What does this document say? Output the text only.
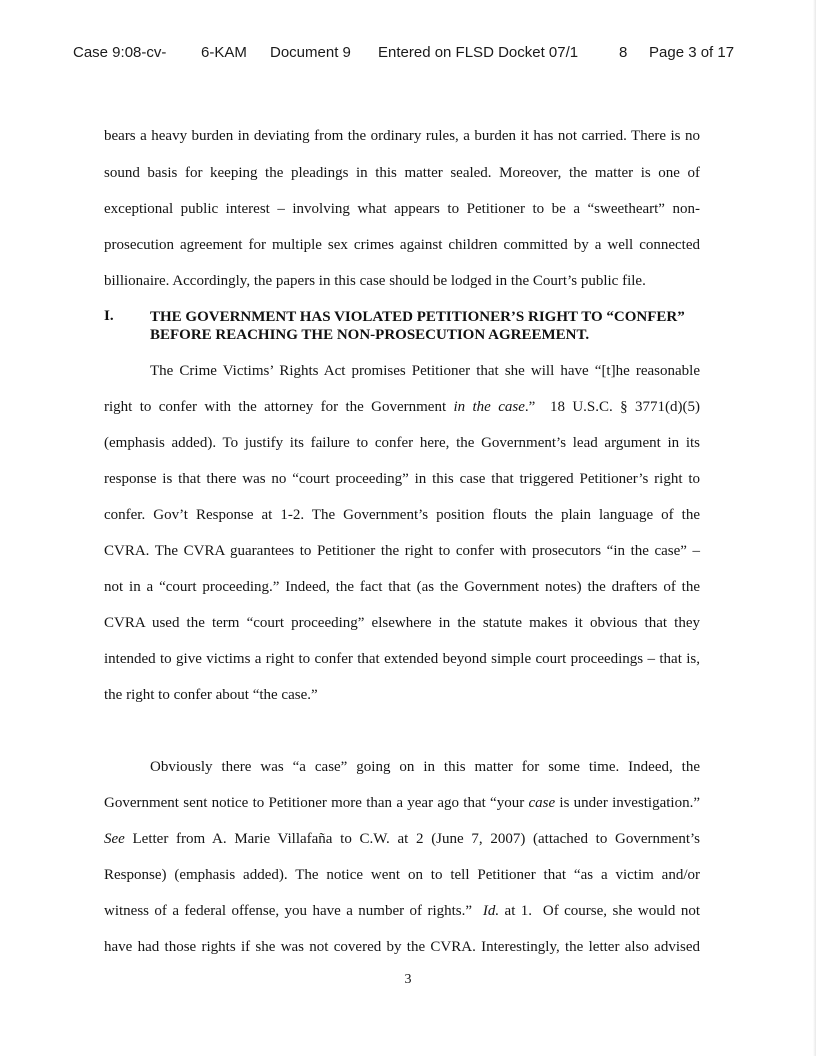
Case 9:08-cv- 6-KAM Document 9 Entered on FLSD Docket 07/1	8 Page 3 of 17
bears a heavy burden in deviating from the ordinary rules, a burden it has not carried. There is no
sound basis for keeping the pleadings in this matter sealed. Moreover, the matter is one of
exceptional public interest – involving what appears to Petitioner to be a “sweetheart” non-
prosecution agreement for multiple sex crimes against children committed by a well connected
billionaire. Accordingly, the papers in this case should be lodged in the Court’s public file.
I. THE GOVERNMENT HAS VIOLATED PETITIONER’S RIGHT TO “CONFER”
BEFORE REACHING THE NON-PROSECUTION AGREEMENT.
The Crime Victims’ Rights Act promises Petitioner that she will have “[t]he reasonable
right to confer with the attorney for the Government in the case.”  18 U.S.C. § 3771(d)(5)
(emphasis added). To justify its failure to confer here, the Government’s lead argument in its
response is that there was no “court proceeding” in this case that triggered Petitioner’s right to
confer. Gov’t Response at 1-2. The Government’s position flouts the plain language of the
CVRA. The CVRA guarantees to Petitioner the right to confer with prosecutors “in the case” –
not in a “court proceeding.” Indeed, the fact that (as the Government notes) the drafters of the
CVRA used the term “court proceeding” elsewhere in the statute makes it obvious that they
intended to give victims a right to confer that extended beyond simple court proceedings – that is,
the right to confer about “the case.”
Obviously there was “a case” going on in this matter for some time. Indeed, the
Government sent notice to Petitioner more than a year ago that “your case is under investigation.”
See Letter from A. Marie Villafaña to C.W. at 2 (June 7, 2007) (attached to Government’s
Response) (emphasis added). The notice went on to tell Petitioner that “as a victim and/or
witness of a federal offense, you have a number of rights.”  Id. at 1.  Of course, she would not
have had those rights if she was not covered by the CVRA. Interestingly, the letter also advised
3
